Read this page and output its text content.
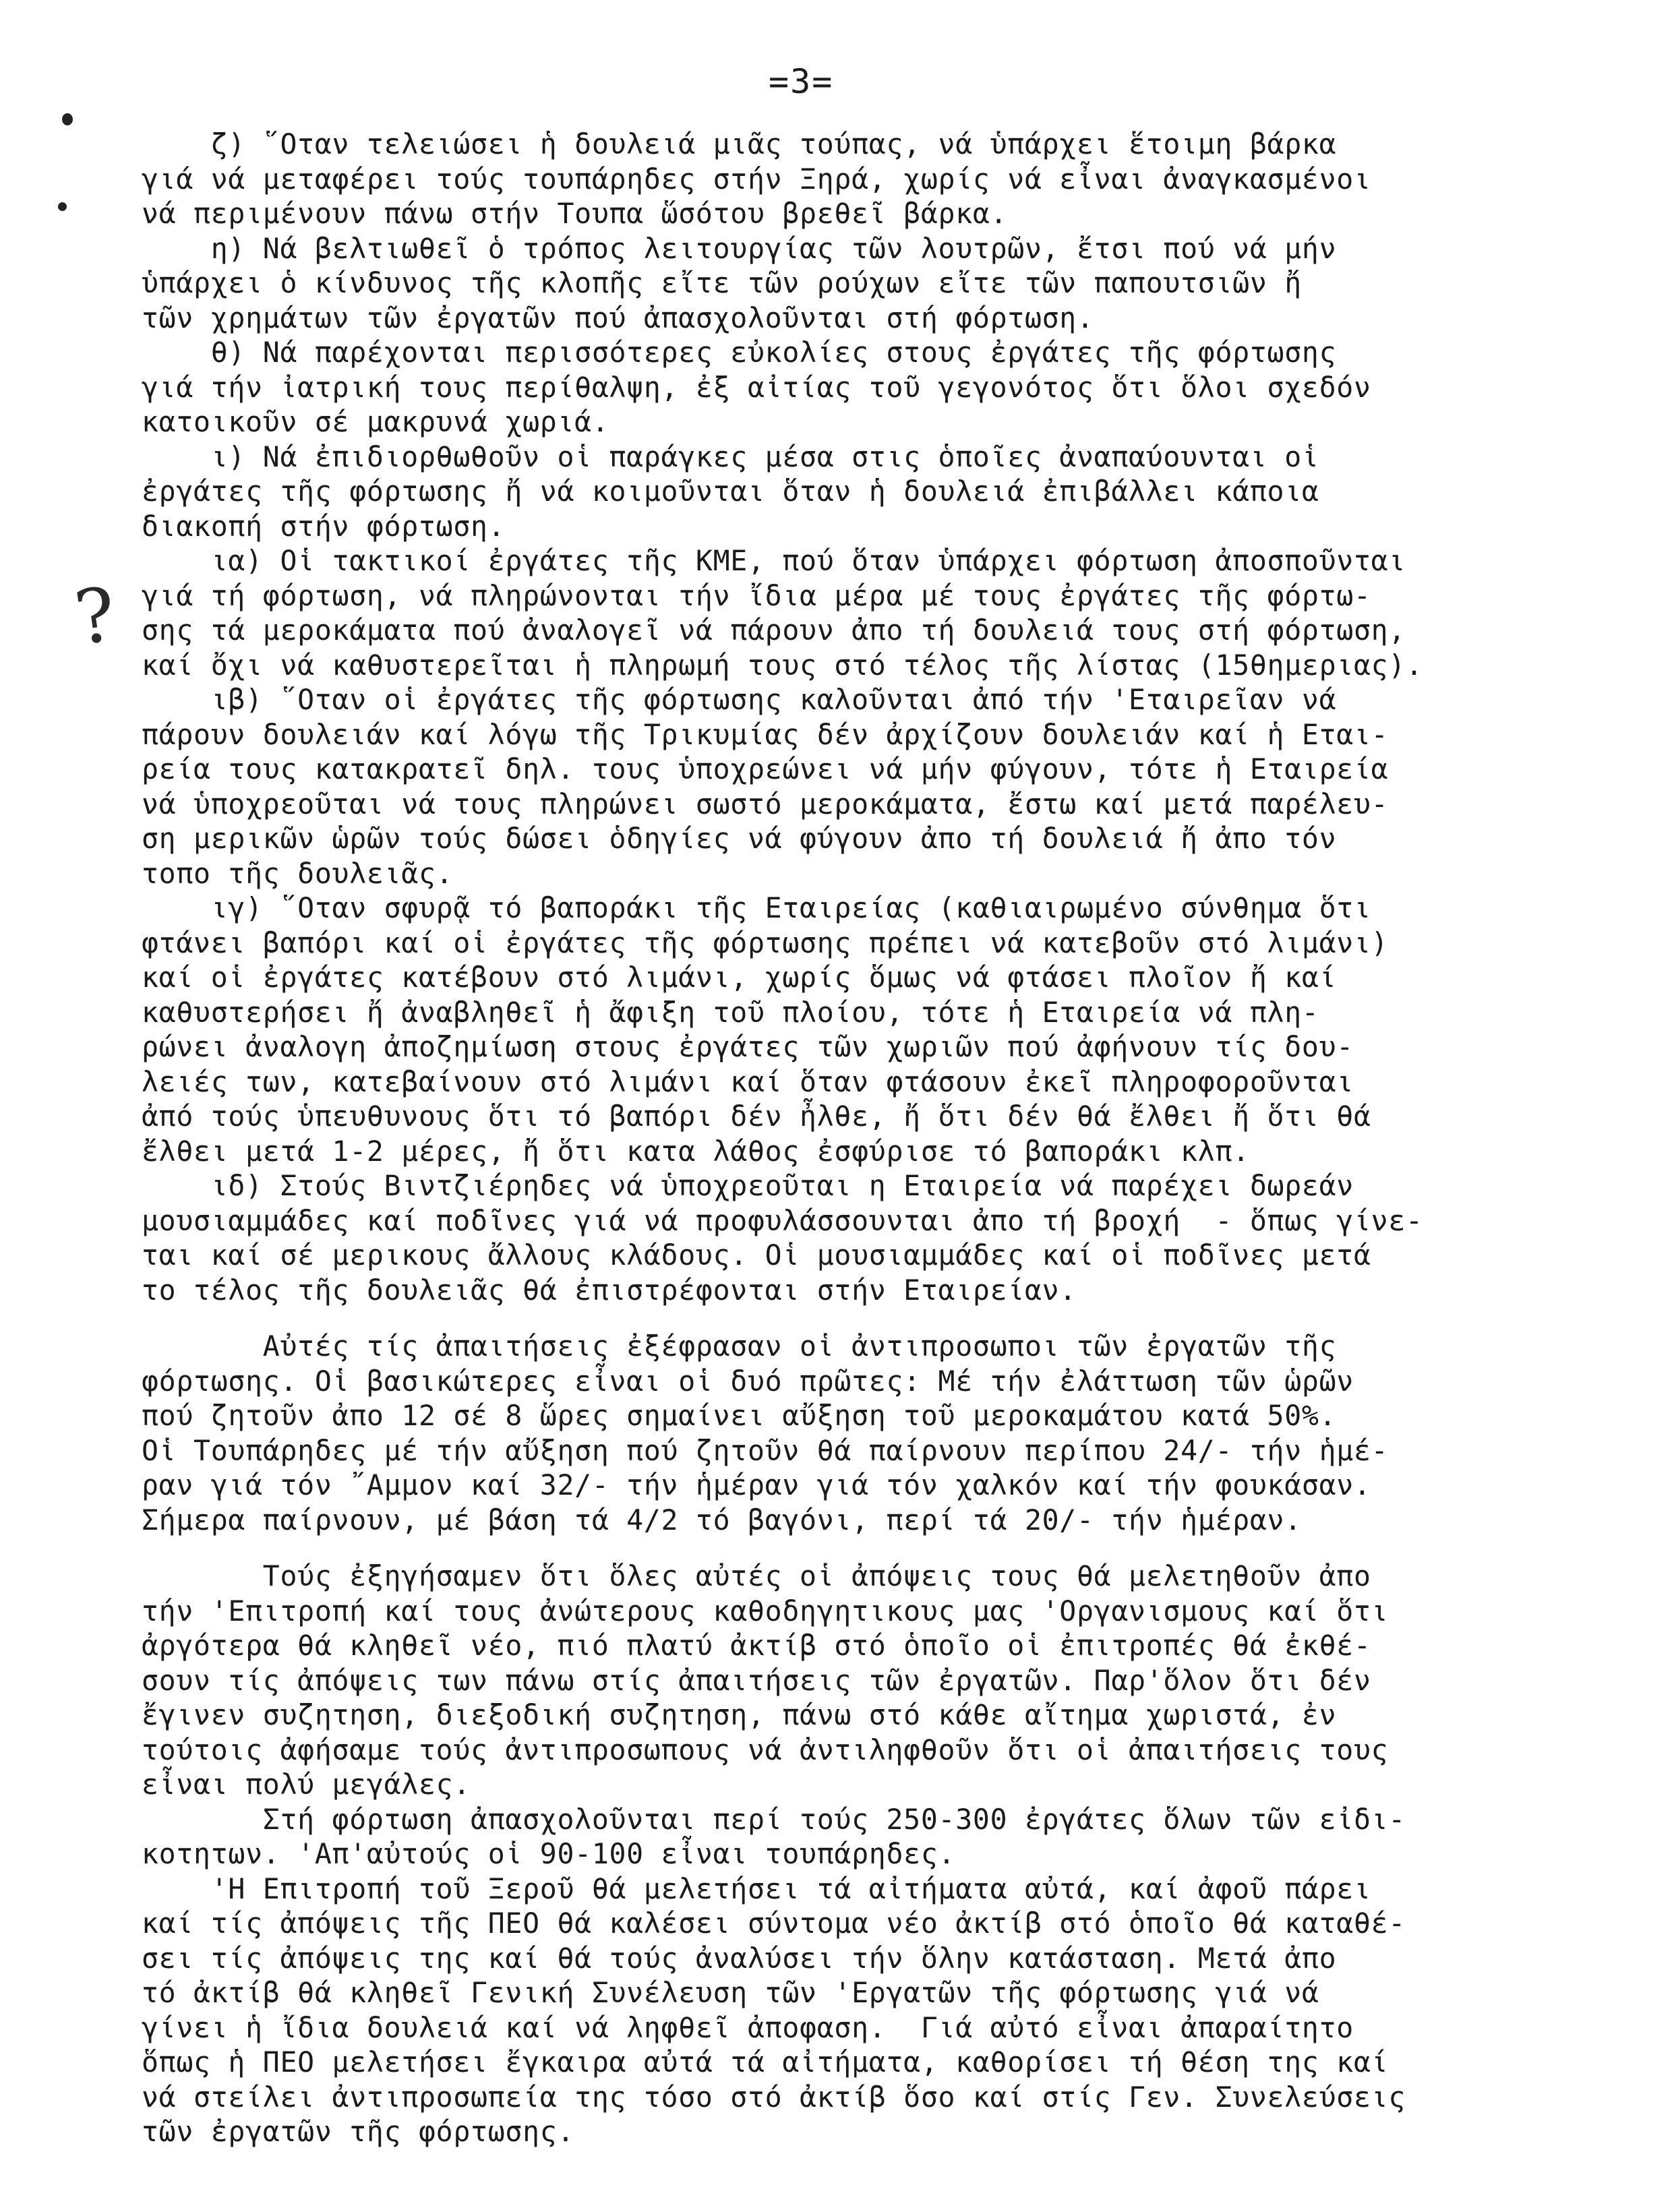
=3=
?
ζ) ῞Οταν τελειώσει ἡ δουλειά μιᾶς τούπας, νά ὑπάρχει ἕτοιμη βάρκα
γιά νά μεταφέρει τούς τουπάρηδες στήν Ξηρά, χωρίς νά εἶναι ἀναγκασμένοι
νά περιμένουν πάνω στήν Τουπα ὥσότου βρεθεῖ βάρκα.
η) Νά βελτιωθεῖ ὁ τρόπος λειτουργίας τῶν λουτρῶν, ἔτσι πού νά μήν
ὑπάρχει ὁ κίνδυνος τῆς κλοπῆς εἴτε τῶν ρούχων εἴτε τῶν παπουτσιῶν ἤ
τῶν χρημάτων τῶν ἐργατῶν πού ἀπασχολοῦνται στή φόρτωση.
θ) Νά παρέχονται περισσότερες εὐκολίες στους ἐργάτες τῆς φόρτωσης
γιά τήν ἰατρική τους περίθαλψη, ἐξ αἰτίας τοῦ γεγονότος ὅτι ὅλοι σχεδόν
κατοικοῦν σέ μακρυνά χωριά.
ι) Νά ἐπιδιορθωθοῦν οἱ παράγκες μέσα στις ὁποῖες ἀναπαύουνται οἱ
ἐργάτες τῆς φόρτωσης ἤ νά κοιμοῦνται ὅταν ἡ δουλειά ἐπιβάλλει κάποια
διακοπή στήν φόρτωση.
ια) Οἱ τακτικοί ἐργάτες τῆς ΚΜΕ, πού ὅταν ὑπάρχει φόρτωση ἀποσποῦνται
γιά τή φόρτωση, νά πληρώνονται τήν ἴδια μέρα μέ τους ἐργάτες τῆς φόρτω-
σης τά μεροκάματα πού ἀναλογεῖ νά πάρουν ἀπο τή δουλειά τους στή φόρτωση,
καί ὄχι νά καθυστερεῖται ἡ πληρωμή τους στό τέλος τῆς λίστας (15θημεριας).
ιβ) ῞Οταν οἱ ἐργάτες τῆς φόρτωσης καλοῦνται ἀπό τήν 'Εταιρεῖαν νά
πάρουν δουλειάν καί λόγω τῆς Τρικυμίας δέν ἀρχίζουν δουλειάν καί ἡ Εται-
ρεία τους κατακρατεῖ δηλ. τους ὑποχρεώνει νά μήν φύγουν, τότε ἡ Εταιρεία
νά ὑποχρεοῦται νά τους πληρώνει σωστό μεροκάματα, ἔστω καί μετά παρέλευ-
ση μερικῶν ὡρῶν τούς δώσει ὁδηγίες νά φύγουν ἀπο τή δουλειά ἤ ἀπο τόν
τοπο τῆς δουλειᾶς.
ιγ) ῞Οταν σφυρᾷ τό βαποράκι τῆς Εταιρείας (καθιαιρωμένο σύνθημα ὅτι
φτάνει βαπόρι καί οἱ ἐργάτες τῆς φόρτωσης πρέπει νά κατεβοῦν στό λιμάνι)
καί οἱ ἐργάτες κατέβουν στό λιμάνι, χωρίς ὅμως νά φτάσει πλοῖον ἤ καί
καθυστερήσει ἤ ἀναβληθεῖ ἡ ἄφιξη τοῦ πλοίου, τότε ἡ Εταιρεία νά πλη-
ρώνει ἀναλογη ἀποζημίωση στους ἐργάτες τῶν χωριῶν πού ἀφήνουν τίς δου-
λειές των, κατεβαίνουν στό λιμάνι καί ὅταν φτάσουν ἐκεῖ πληροφοροῦνται
ἀπό τούς ὑπευθυνους ὅτι τό βαπόρι δέν ἦλθε, ἤ ὅτι δέν θά ἔλθει ἤ ὅτι θά
ἔλθει μετά 1-2 μέρες, ἤ ὅτι κατα λάθος ἐσφύρισε τό βαποράκι κλπ.
ιδ) Στούς Βιντζιέρηδες νά ὑποχρεοῦται η Εταιρεία νά παρέχει δωρεάν
μουσιαμμάδες καί ποδῖνες γιά νά προφυλάσσουνται ἀπο τή βροχή  - ὅπως γίνε-
ται καί σέ μερικους ἄλλους κλάδους. Οἱ μουσιαμμάδες καί οἱ ποδῖνες μετά
το τέλος τῆς δουλειᾶς θά ἐπιστρέφονται στήν Εταιρείαν.
Αὐτές τίς ἀπαιτήσεις ἐξέφρασαν οἱ ἀντιπροσωποι τῶν ἐργατῶν τῆς
φόρτωσης. Οἱ βασικώτερες εἶναι οἱ δυό πρῶτες: Μέ τήν ἐλάττωση τῶν ὡρῶν
πού ζητοῦν ἀπο 12 σέ 8 ὥρες σημαίνει αὔξηση τοῦ μεροκαμάτου κατά 50%.
Οἱ Τουπάρηδες μέ τήν αὔξηση πού ζητοῦν θά παίρνουν περίπου 24/- τήν ἡμέ-
ραν γιά τόν ῎Αμμον καί 32/- τήν ἡμέραν γιά τόν χαλκόν καί τήν φουκάσαν.
Σήμερα παίρνουν, μέ βάση τά 4/2 τό βαγόνι, περί τά 20/- τήν ἡμέραν.
Τούς ἐξηγήσαμεν ὅτι ὅλες αὐτές οἱ ἀπόψεις τους θά μελετηθοῦν ἀπο
τήν 'Επιτροπή καί τους ἀνώτερους καθοδηγητικους μας 'Οργανισμους καί ὅτι
ἀργότερα θά κληθεῖ νέο, πιό πλατύ ἀκτίβ στό ὁποῖο οἱ ἐπιτροπές θά ἐκθέ-
σουν τίς ἀπόψεις των πάνω στίς ἀπαιτήσεις τῶν ἐργατῶν. Παρ'ὅλον ὅτι δέν
ἔγινεν συζητηση, διεξοδική συζητηση, πάνω στό κάθε αἴτημα χωριστά, ἐν
τούτοις ἀφήσαμε τούς ἀντιπροσωπους νά ἀντιληφθοῦν ὅτι οἱ ἀπαιτήσεις τους
εἶναι πολύ μεγάλες.
Στή φόρτωση ἀπασχολοῦνται περί τούς 250-300 ἐργάτες ὅλων τῶν εἰδι-
κοτητων. 'Απ'αὐτούς οἱ 90-100 εἶναι τουπάρηδες.
'Η Επιτροπή τοῦ Ξεροῦ θά μελετήσει τά αἰτήματα αὐτά, καί ἀφοῦ πάρει
καί τίς ἀπόψεις τῆς ΠΕΟ θά καλέσει σύντομα νέο ἀκτίβ στό ὁποῖο θά καταθέ-
σει τίς ἀπόψεις της καί θά τούς ἀναλύσει τήν ὅλην κατάσταση. Μετά ἀπο
τό ἀκτίβ θά κληθεῖ Γενική Συνέλευση τῶν 'Εργατῶν τῆς φόρτωσης γιά νά
γίνει ἡ ἴδια δουλειά καί νά ληφθεῖ ἀποφαση.  Γιά αὐτό εἶναι ἀπαραίτητο
ὅπως ἡ ΠΕΟ μελετήσει ἔγκαιρα αὐτά τά αἰτήματα, καθορίσει τή θέση της καί
νά στείλει ἀντιπροσωπεία της τόσο στό ἀκτίβ ὅσο καί στίς Γεν. Συνελεύσεις
τῶν ἐργατῶν τῆς φόρτωσης.
